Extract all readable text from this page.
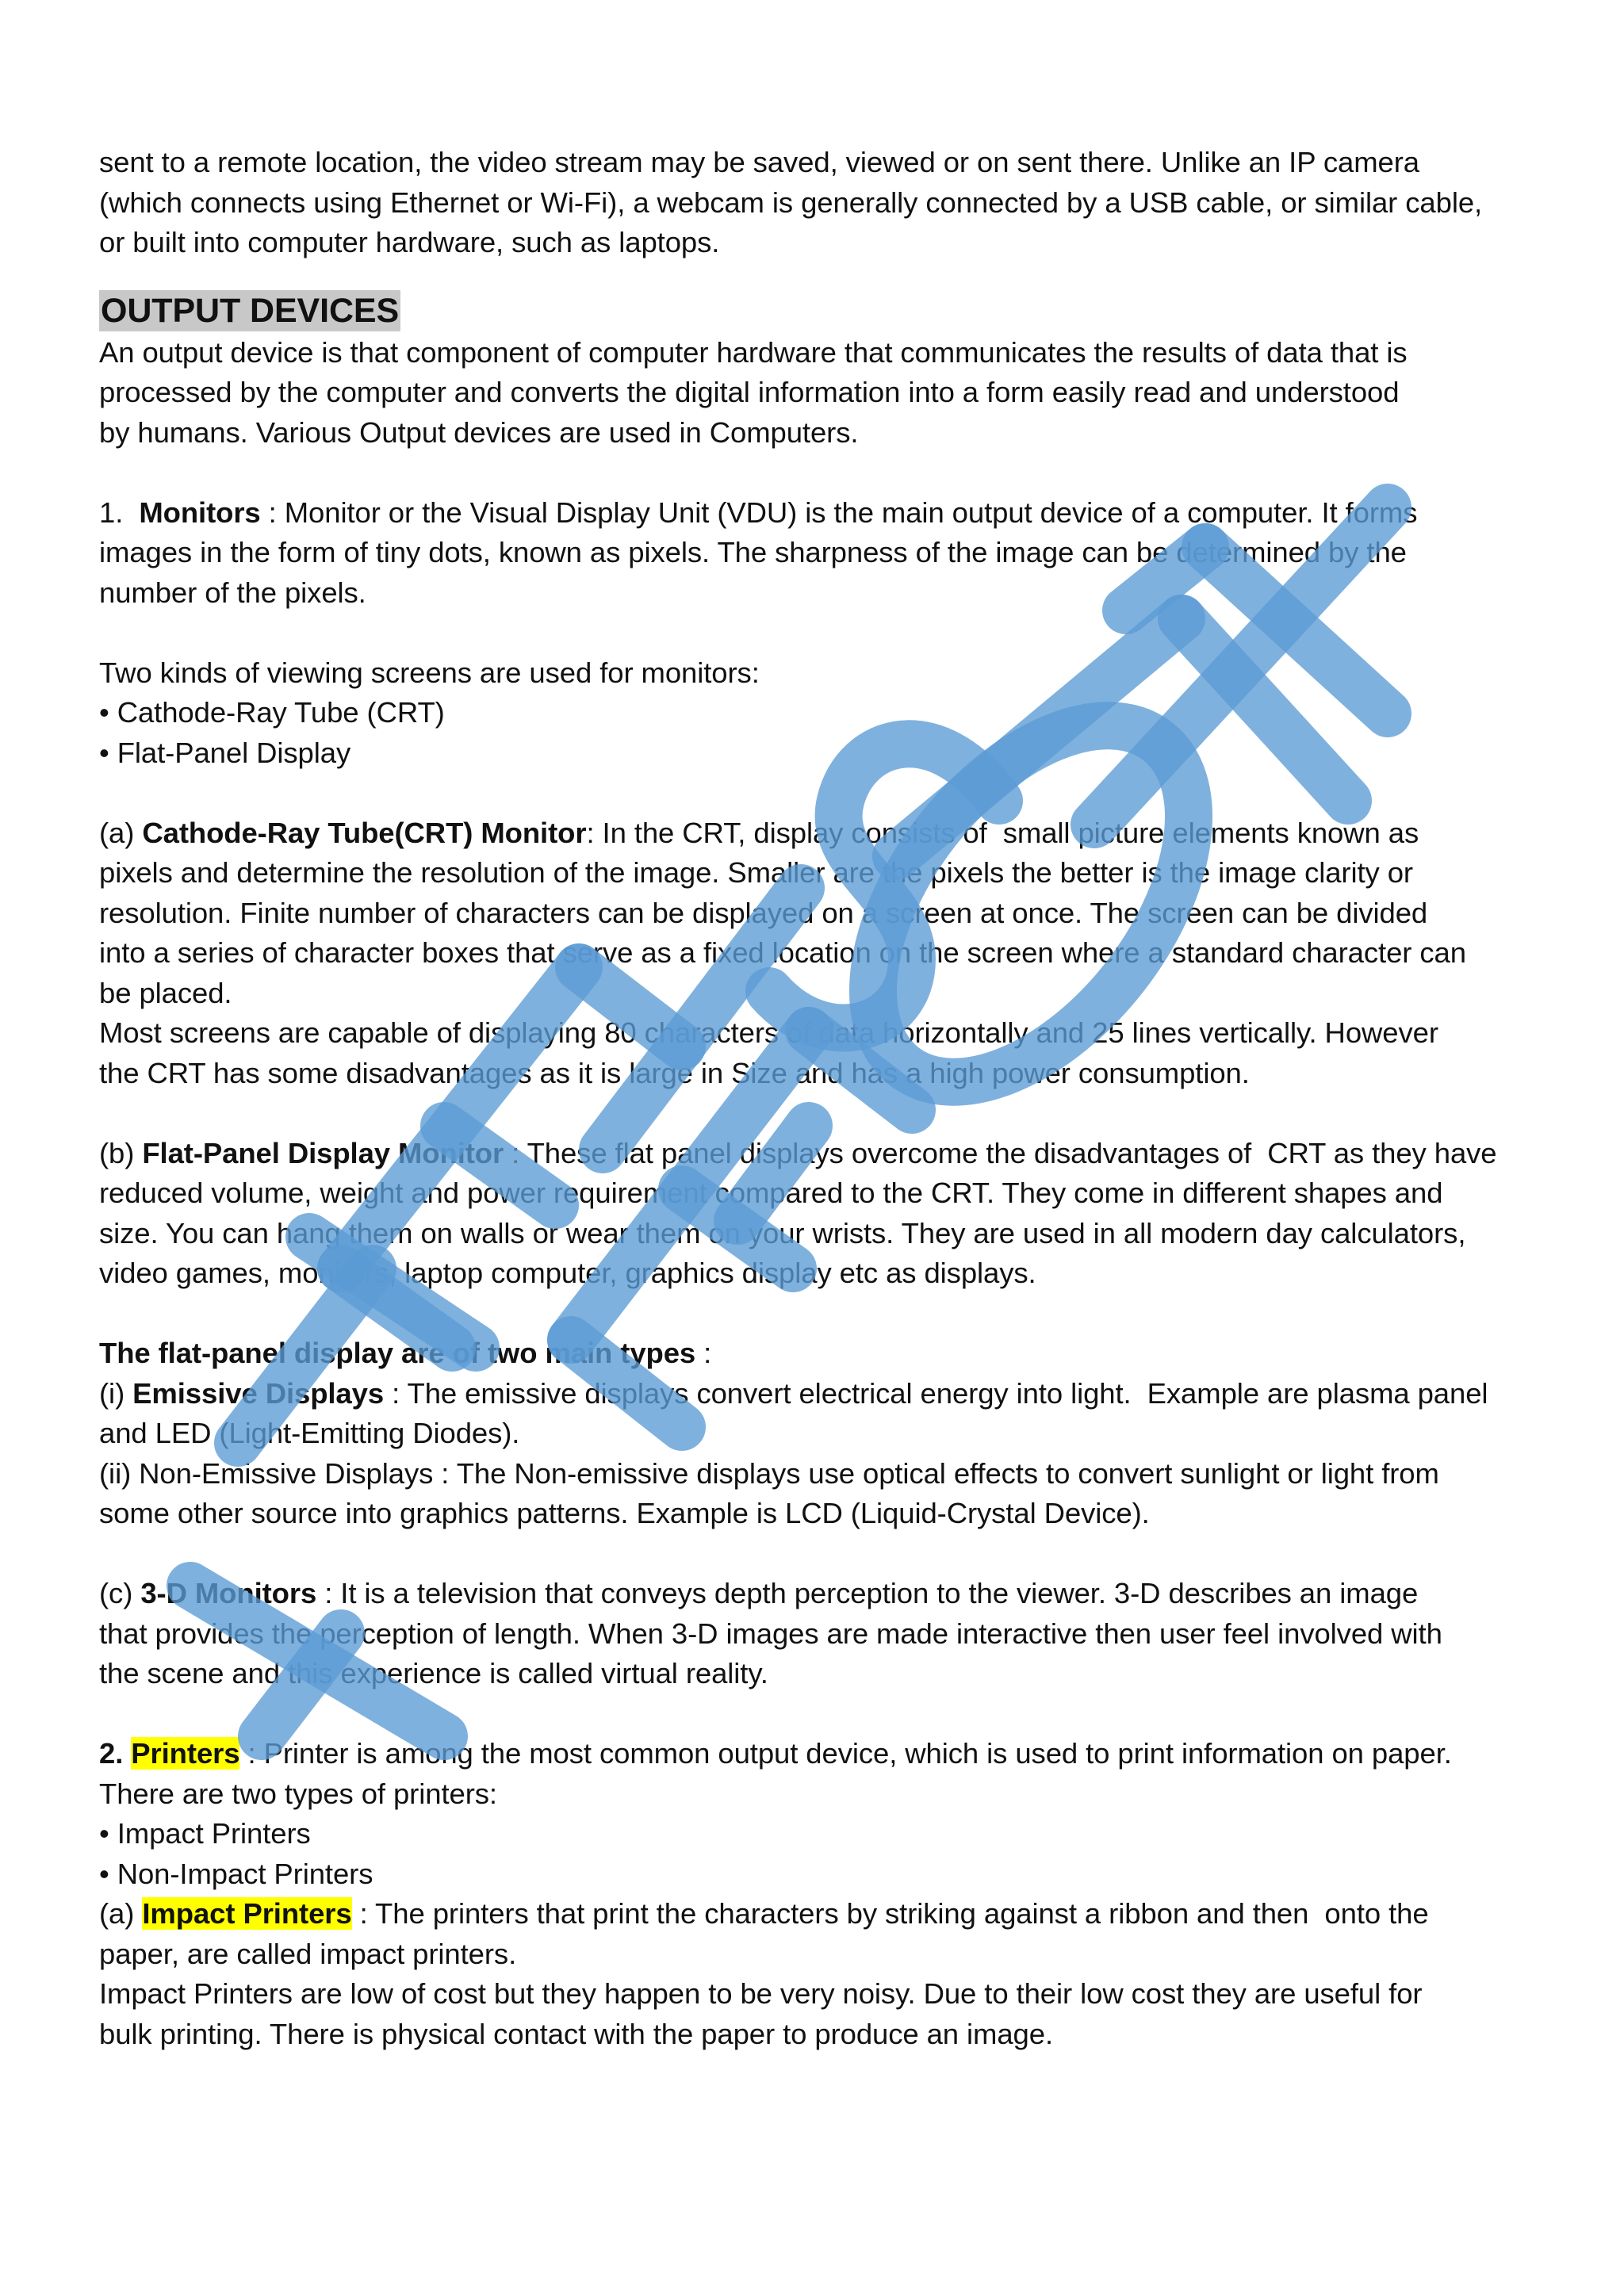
sent to a remote location, the video stream may be saved, viewed or on sent there. Unlike an IP camera

(which connects using Ethernet or Wi-Fi), a webcam is generally connected by a USB cable, or similar cable,

or built into computer hardware, such as laptops.

OUTPUT DEVICES

An output device is that component of computer hardware that communicates the results of data that is

processed by the computer and converts the digital information into a form easily read and understood

by humans. Various Output devices are used in Computers.

1.  Monitors : Monitor or the Visual Display Unit (VDU) is the main output device of a computer. It forms

images in the form of tiny dots, known as pixels. The sharpness of the image can be determined by the

number of the pixels.

Two kinds of viewing screens are used for monitors:

• Cathode-Ray Tube (CRT)

• Flat-Panel Display

(a) Cathode-Ray Tube(CRT) Monitor: In the CRT, display consists of  small picture elements known as

pixels and determine the resolution of the image. Smaller are the pixels the better is the image clarity or

resolution. Finite number of characters can be displayed on a screen at once. The screen can be divided

into a series of character boxes that serve as a fixed location on the screen where a standard character can

be placed.

Most screens are capable of displaying 80 characters of data horizontally and 25 lines vertically. However

the CRT has some disadvantages as it is large in Size and has a high power consumption.

(b) Flat-Panel Display Monitor : These flat panel displays overcome the disadvantages of  CRT as they have

reduced volume, weight and power requirement compared to the CRT. They come in different shapes and

size. You can hang them on walls or wear them on your wrists. They are used in all modern day calculators,

video games, monitors, laptop computer, graphics display etc as displays.

The flat-panel display are of two main types :

(i) Emissive Displays : The emissive displays convert electrical energy into light.  Example are plasma panel

and LED (Light-Emitting Diodes).

(ii) Non-Emissive Displays : The Non-emissive displays use optical effects to convert sunlight or light from

some other source into graphics patterns. Example is LCD (Liquid-Crystal Device).

(c) 3-D Monitors : It is a television that conveys depth perception to the viewer. 3-D describes an image

that provides the perception of length. When 3-D images are made interactive then user feel involved with

the scene and this experience is called virtual reality.

2. Printers : Printer is among the most common output device, which is used to print information on paper.

There are two types of printers:

• Impact Printers

• Non-Impact Printers

(a) Impact Printers : The printers that print the characters by striking against a ribbon and then  onto the

paper, are called impact printers.

Impact Printers are low of cost but they happen to be very noisy. Due to their low cost they are useful for

bulk printing. There is physical contact with the paper to produce an image.
